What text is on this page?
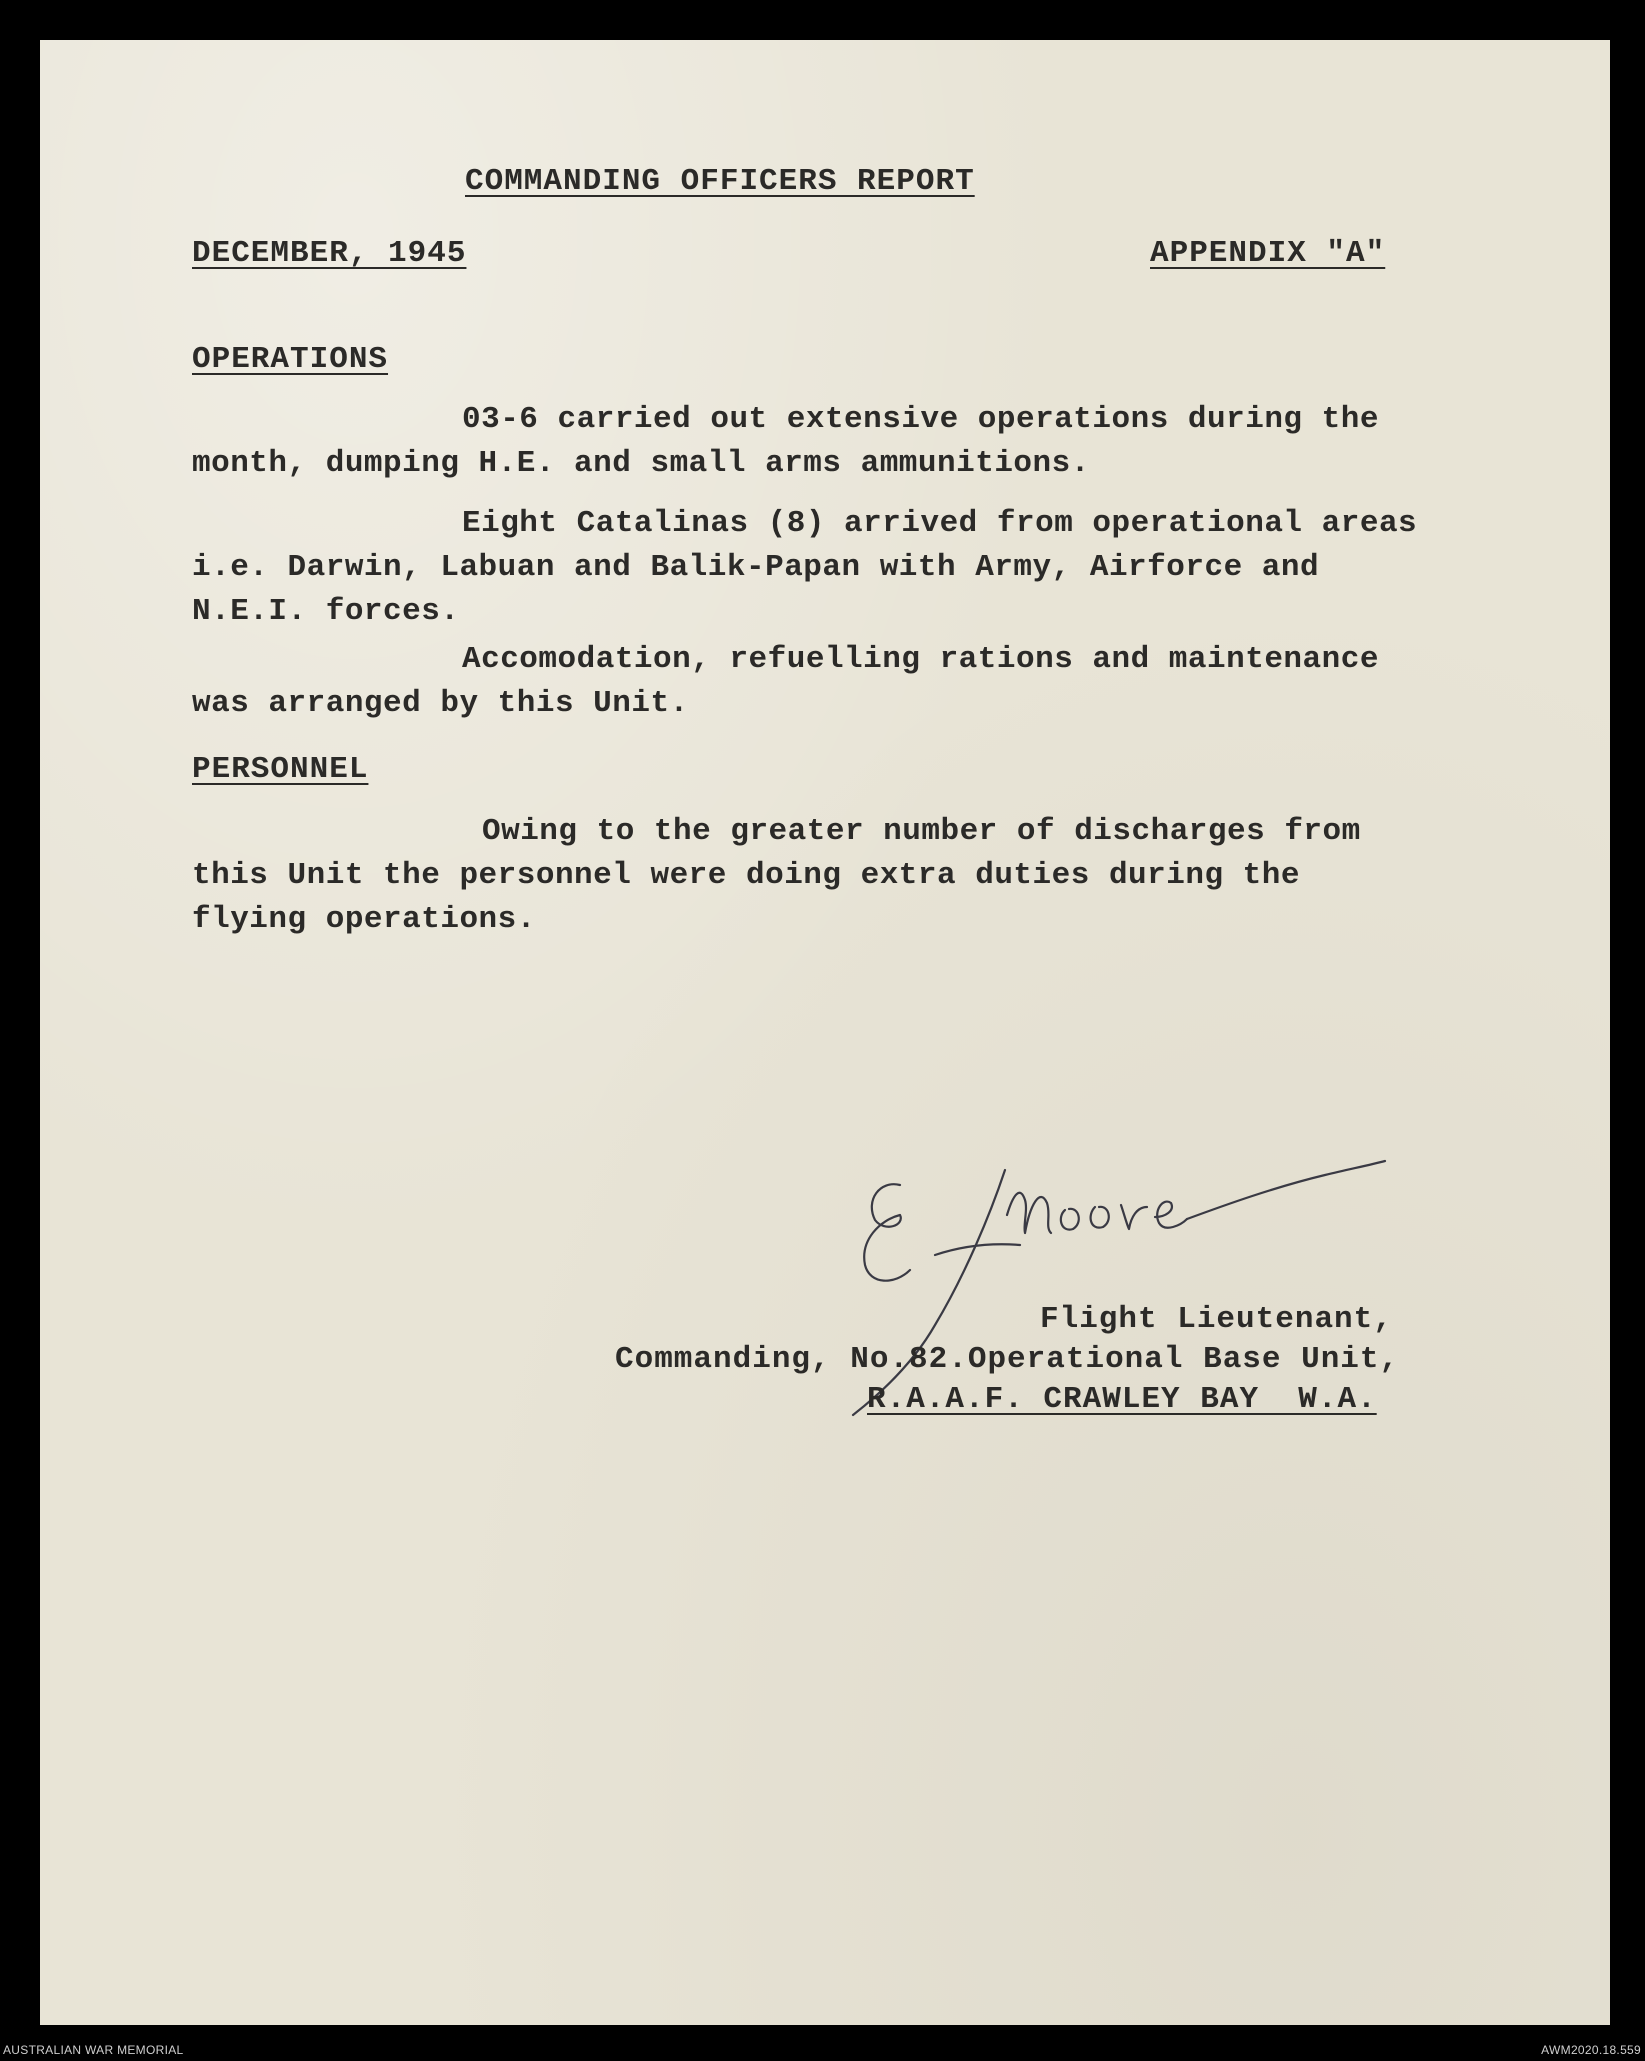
COMMANDING OFFICERS REPORT
DECEMBER, 1945	APPENDIX "A"
OPERATIONS
03-6 carried out extensive operations during the
month, dumping H.E. and small arms ammunitions.
Eight Catalinas (8) arrived from operational areas
i.e. Darwin, Labuan and Balik-Papan with Army, Airforce and
N.E.I. forces.
Accomodation, refuelling rations and maintenance
was arranged by this Unit.
PERSONNEL
Owing to the greater number of discharges from
this Unit the personnel were doing extra duties during the
flying operations.
Flight Lieutenant,
Commanding, No.82.Operational Base Unit,
R.A.A.F. CRAWLEY BAY  W.A.
AUSTRALIAN WAR MEMORIAL	AWM2020.18.559
